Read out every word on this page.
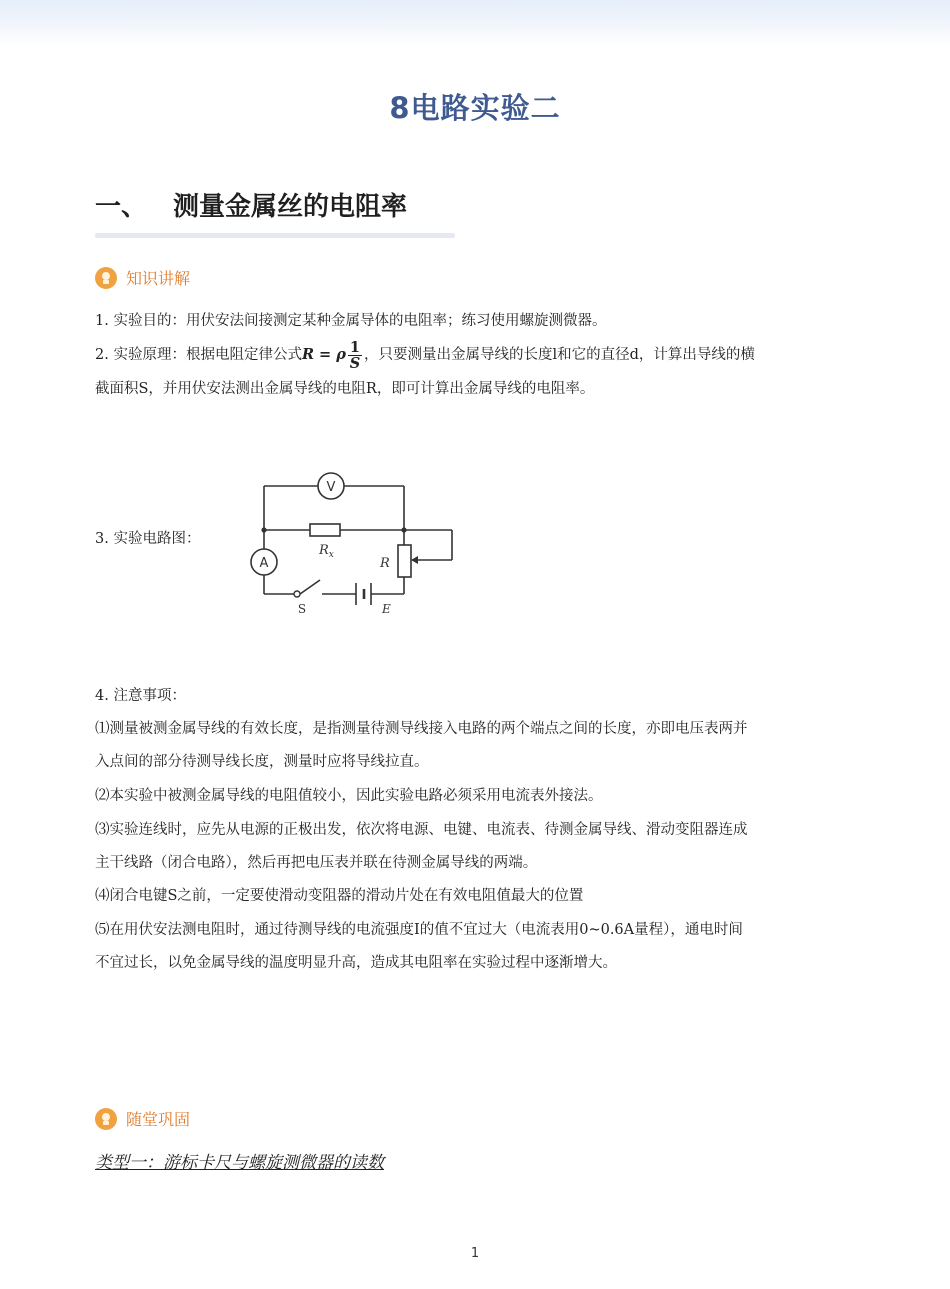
8电路实验二
一、 测量金属丝的电阻率
知识讲解
1. 实验目的：用伏安法间接测定某种金属导体的电阻率；练习使用螺旋测微器。
2. 实验原理：根据电阻定律公式R = ρ $\frac{1}{S}$ ，只要测量出金属导线的长度l和它的直径d，计算出导线的横
截面积S，并用伏安法测出金属导线的电阻R，即可计算出金属导线的电阻率。
3. 实验电路图：
V
$R_x$
R
A
S	E
4. 注意事项：
⑴测量被测金属导线的有效长度，是指测量待测导线接入电路的两个端点之间的长度，亦即电压表两并
入点间的部分待测导线长度，测量时应将导线拉直。
⑵本实验中被测金属导线的电阻值较小，因此实验电路必须采用电流表外接法。
⑶实验连线时，应先从电源的正极出发，依次将电源、电键、电流表、待测金属导线、滑动变阻器连成
主干线路（闭合电路），然后再把电压表并联在待测金属导线的两端。
⑷闭合电键S之前，一定要使滑动变阻器的滑动片处在有效电阻值最大的位置
⑸在用伏安法测电阻时，通过待测导线的电流强度I的值不宜过大（电流表用0~0.6A量程），通电时间
不宜过长，以免金属导线的温度明显升高，造成其电阻率在实验过程中逐渐增大。
随堂巩固
类型一：游标卡尺与螺旋测微器的读数
1
